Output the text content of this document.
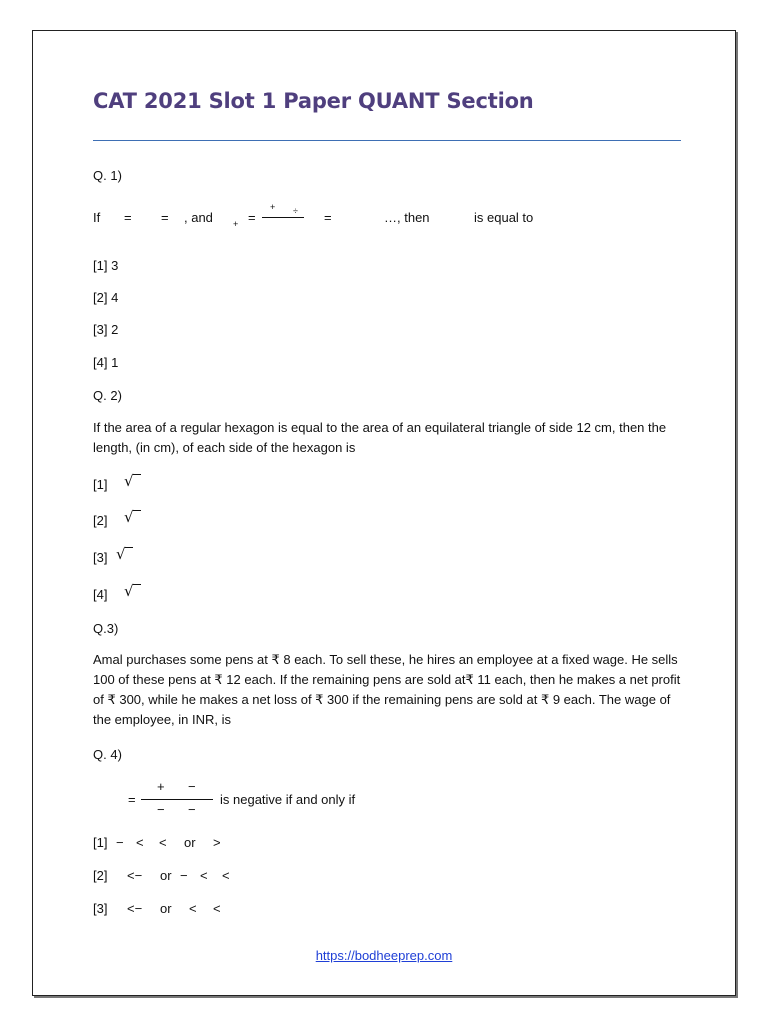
CAT 2021 Slot 1 Paper QUANT Section
Q. 1)
If = = , and + =
+ ÷ =	…, then	is equal to
[1] 3
[2] 4
[3] 2
[4] 1
Q. 2)
If the area of a regular hexagon is equal to the area of an equilateral triangle of side 12 cm, then the length, (in cm), of each side of the hexagon is
[1] √
[2] √
[3] √
[4] √
Q.3)
Amal purchases some pens at ₹ 8 each. To sell these, he hires an employee at a fixed wage. He sells 100 of these pens at ₹ 12 each. If the remaining pens are sold at₹ 11 each, then he makes a net profit of ₹ 300, while he makes a net loss of ₹ 300 if the remaining pens are sold at ₹ 9 each. The wage of the employee, in INR, is
Q. 4)
=
+ −
− −
is negative if and only if
[1] − < < or >
[2] <− or − < <
[3] <− or < <
https://bodheeprep.com
